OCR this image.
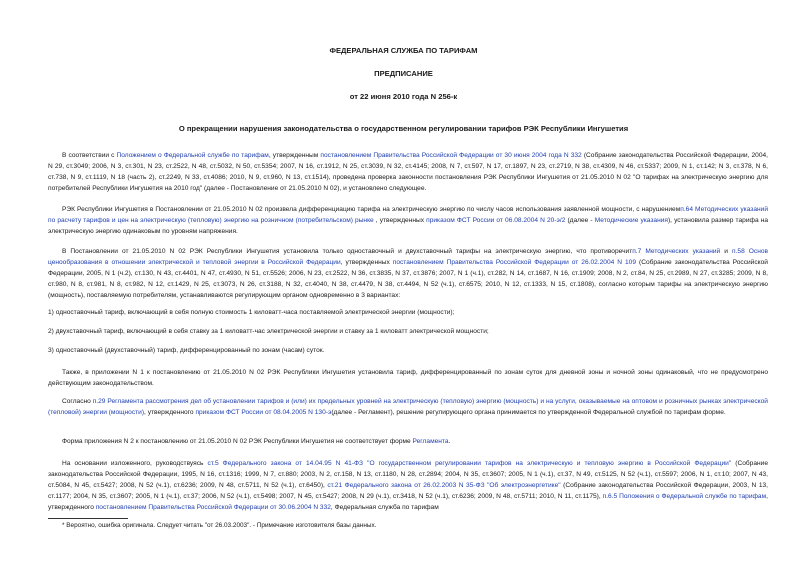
ФЕДЕРАЛЬНАЯ СЛУЖБА ПО ТАРИФАМ
ПРЕДПИСАНИЕ
от 22 июня 2010 года N 256-к
О прекращении нарушения законодательства о государственном регулировании тарифов РЭК Республики Ингушетия
В соответствии с Положением о Федеральной службе по тарифам, утвержденным постановлением Правительства Российской Федерации от 30 июня 2004 года N 332 (Собрание законодательства Российской Федерации, 2004, N 29, ст.3049; 2006, N 3, ст.301, N 23, ст.2522, N 48, ст.5032, N 50, ст.5354; 2007, N 16, ст.1912, N 25, ст.3039, N 32, ст.4145; 2008, N 7, ст.597, N 17, ст.1897, N 23, ст.2719, N 38, ст.4309, N 46, ст.5337; 2009, N 1, ст.142; N 3, ст.378, N 6, ст.738, N 9, ст.1119, N 18 (часть 2), ст.2249, N 33, ст.4086; 2010, N 9, ст.960, N 13, ст.1514), проведена проверка законности постановления РЭК Республики Ингушетия от 21.05.2010 N 02 "О тарифах на электрическую энергию для потребителей Республики Ингушетия на 2010 год" (далее - Постановление от 21.05.2010 N 02), и установлено следующее.
РЭК Республики Ингушетия в Постановлении от 21.05.2010 N 02 произвела дифференциацию тарифа на электрическую энергию по числу часов использования заявленной мощности, с нарушениемп.64 Методических указаний по расчету тарифов и цен на электрическую (тепловую) энергию на розничном (потребительском) рынке , утвержденных приказом ФСТ России от 06.08.2004 N 20-э/2 (далее - Методические указания), установила размер тарифа на электрическую энергию одинаковым по уровням напряжения.
В Постановлении от 21.05.2010 N 02 РЭК Республики Ингушетия установила только одноставочный и двухставочный тарифы на электрическую энергию, что противоречитп.7 Методических указаний и п.58 Основ ценообразования в отношении электрической и тепловой энергии в Российской Федерации, утвержденных постановлением Правительства Российской Федерации от 26.02.2004 N 109 (Собрание законодательства Российской Федерации, 2005, N 1 (ч.2), ст.130, N 43, ст.4401, N 47, ст.4930, N 51, ст.5526; 2006, N 23, ст.2522, N 36, ст.3835, N 37, ст.3876; 2007, N 1 (ч.1), ст.282, N 14, ст.1687, N 16, ст.1909; 2008, N 2, ст.84, N 25, ст.2989, N 27, ст.3285; 2009, N 8, ст.980, N 8, ст.981, N 8, ст.982, N 12, ст.1429, N 25, ст.3073, N 26, ст.3188, N 32, ст.4040, N 38, ст.4479, N 38, ст.4494, N 52 (ч.1), ст.6575; 2010, N 12, ст.1333, N 15, ст.1808), согласно которым тарифы на электрическую энергию (мощность), поставляемую потребителям, устанавливаются регулирующим органом одновременно в 3 вариантах:
1) одноставочный тариф, включающий в себя полную стоимость 1 киловатт-часа поставляемой электрической энергии (мощности);
2) двухставочный тариф, включающий в себя ставку за 1 киловатт-час электрической энергии и ставку за 1 киловатт электрической мощности;
3) одноставочный (двухставочный) тариф, дифференцированный по зонам (часам) суток.
Также, в приложении N 1 к постановлению от 21.05.2010 N 02 РЭК Республики Ингушетия установила тариф, дифференцированный по зонам суток для дневной зоны и ночной зоны одинаковый, что не предусмотрено действующим законодательством.
Согласно п.29 Регламента рассмотрения дел об установлении тарифов и (или) их предельных уровней на электрическую (тепловую) энергию (мощность) и на услуги, оказываемые на оптовом и розничных рынках электрической (тепловой) энергии (мощности), утвержденного приказом ФСТ России от 08.04.2005 N 130-э(далее - Регламент), решение регулирующего органа принимается по утвержденной Федеральной службой по тарифам форме.
Форма приложения N 2 к постановлению от 21.05.2010 N 02 РЭК Республики Ингушетия не соответствует форме Регламента.
На основании изложенного, руководствуясь ст.5 Федерального закона от 14.04.95 N 41-ФЗ "О государственном регулировании тарифов на электрическую и тепловую энергию в Российской Федерации" (Собрание законодательства Российской Федерации, 1995, N 16, ст.1316; 1999, N 7, ст.880; 2003, N 2, ст.158, N 13, ст.1180, N 28, ст.2894; 2004, N 35, ст.3607; 2005, N 1 (ч.1), ст.37, N 49, ст.5125, N 52 (ч.1), ст.5597; 2006, N 1, ст.10; 2007, N 43, ст.5084, N 45, ст.5427; 2008, N 52 (ч.1), ст.6236; 2009, N 48, ст.5711, N 52 (ч.1), ст.6450), ст.21 Федерального закона от 26.02.2003 N 35-ФЗ "Об электроэнергетике" (Собрание законодательства Российской Федерации, 2003, N 13, ст.1177; 2004, N 35, ст.3607; 2005, N 1 (ч.1), ст.37; 2006, N 52 (ч.1), ст.5498; 2007, N 45, ст.5427; 2008, N 29 (ч.1), ст.3418, N 52 (ч.1), ст.6236; 2009, N 48, ст.5711; 2010, N 11, ст.1175), п.6.5 Положения о Федеральной службе по тарифам, утвержденного постановлением Правительства Российской Федерации от 30.06.2004 N 332, Федеральная служба по тарифам
* Вероятно, ошибка оригинала. Следует читать "от 26.03.2003". - Примечание изготовителя базы данных.
